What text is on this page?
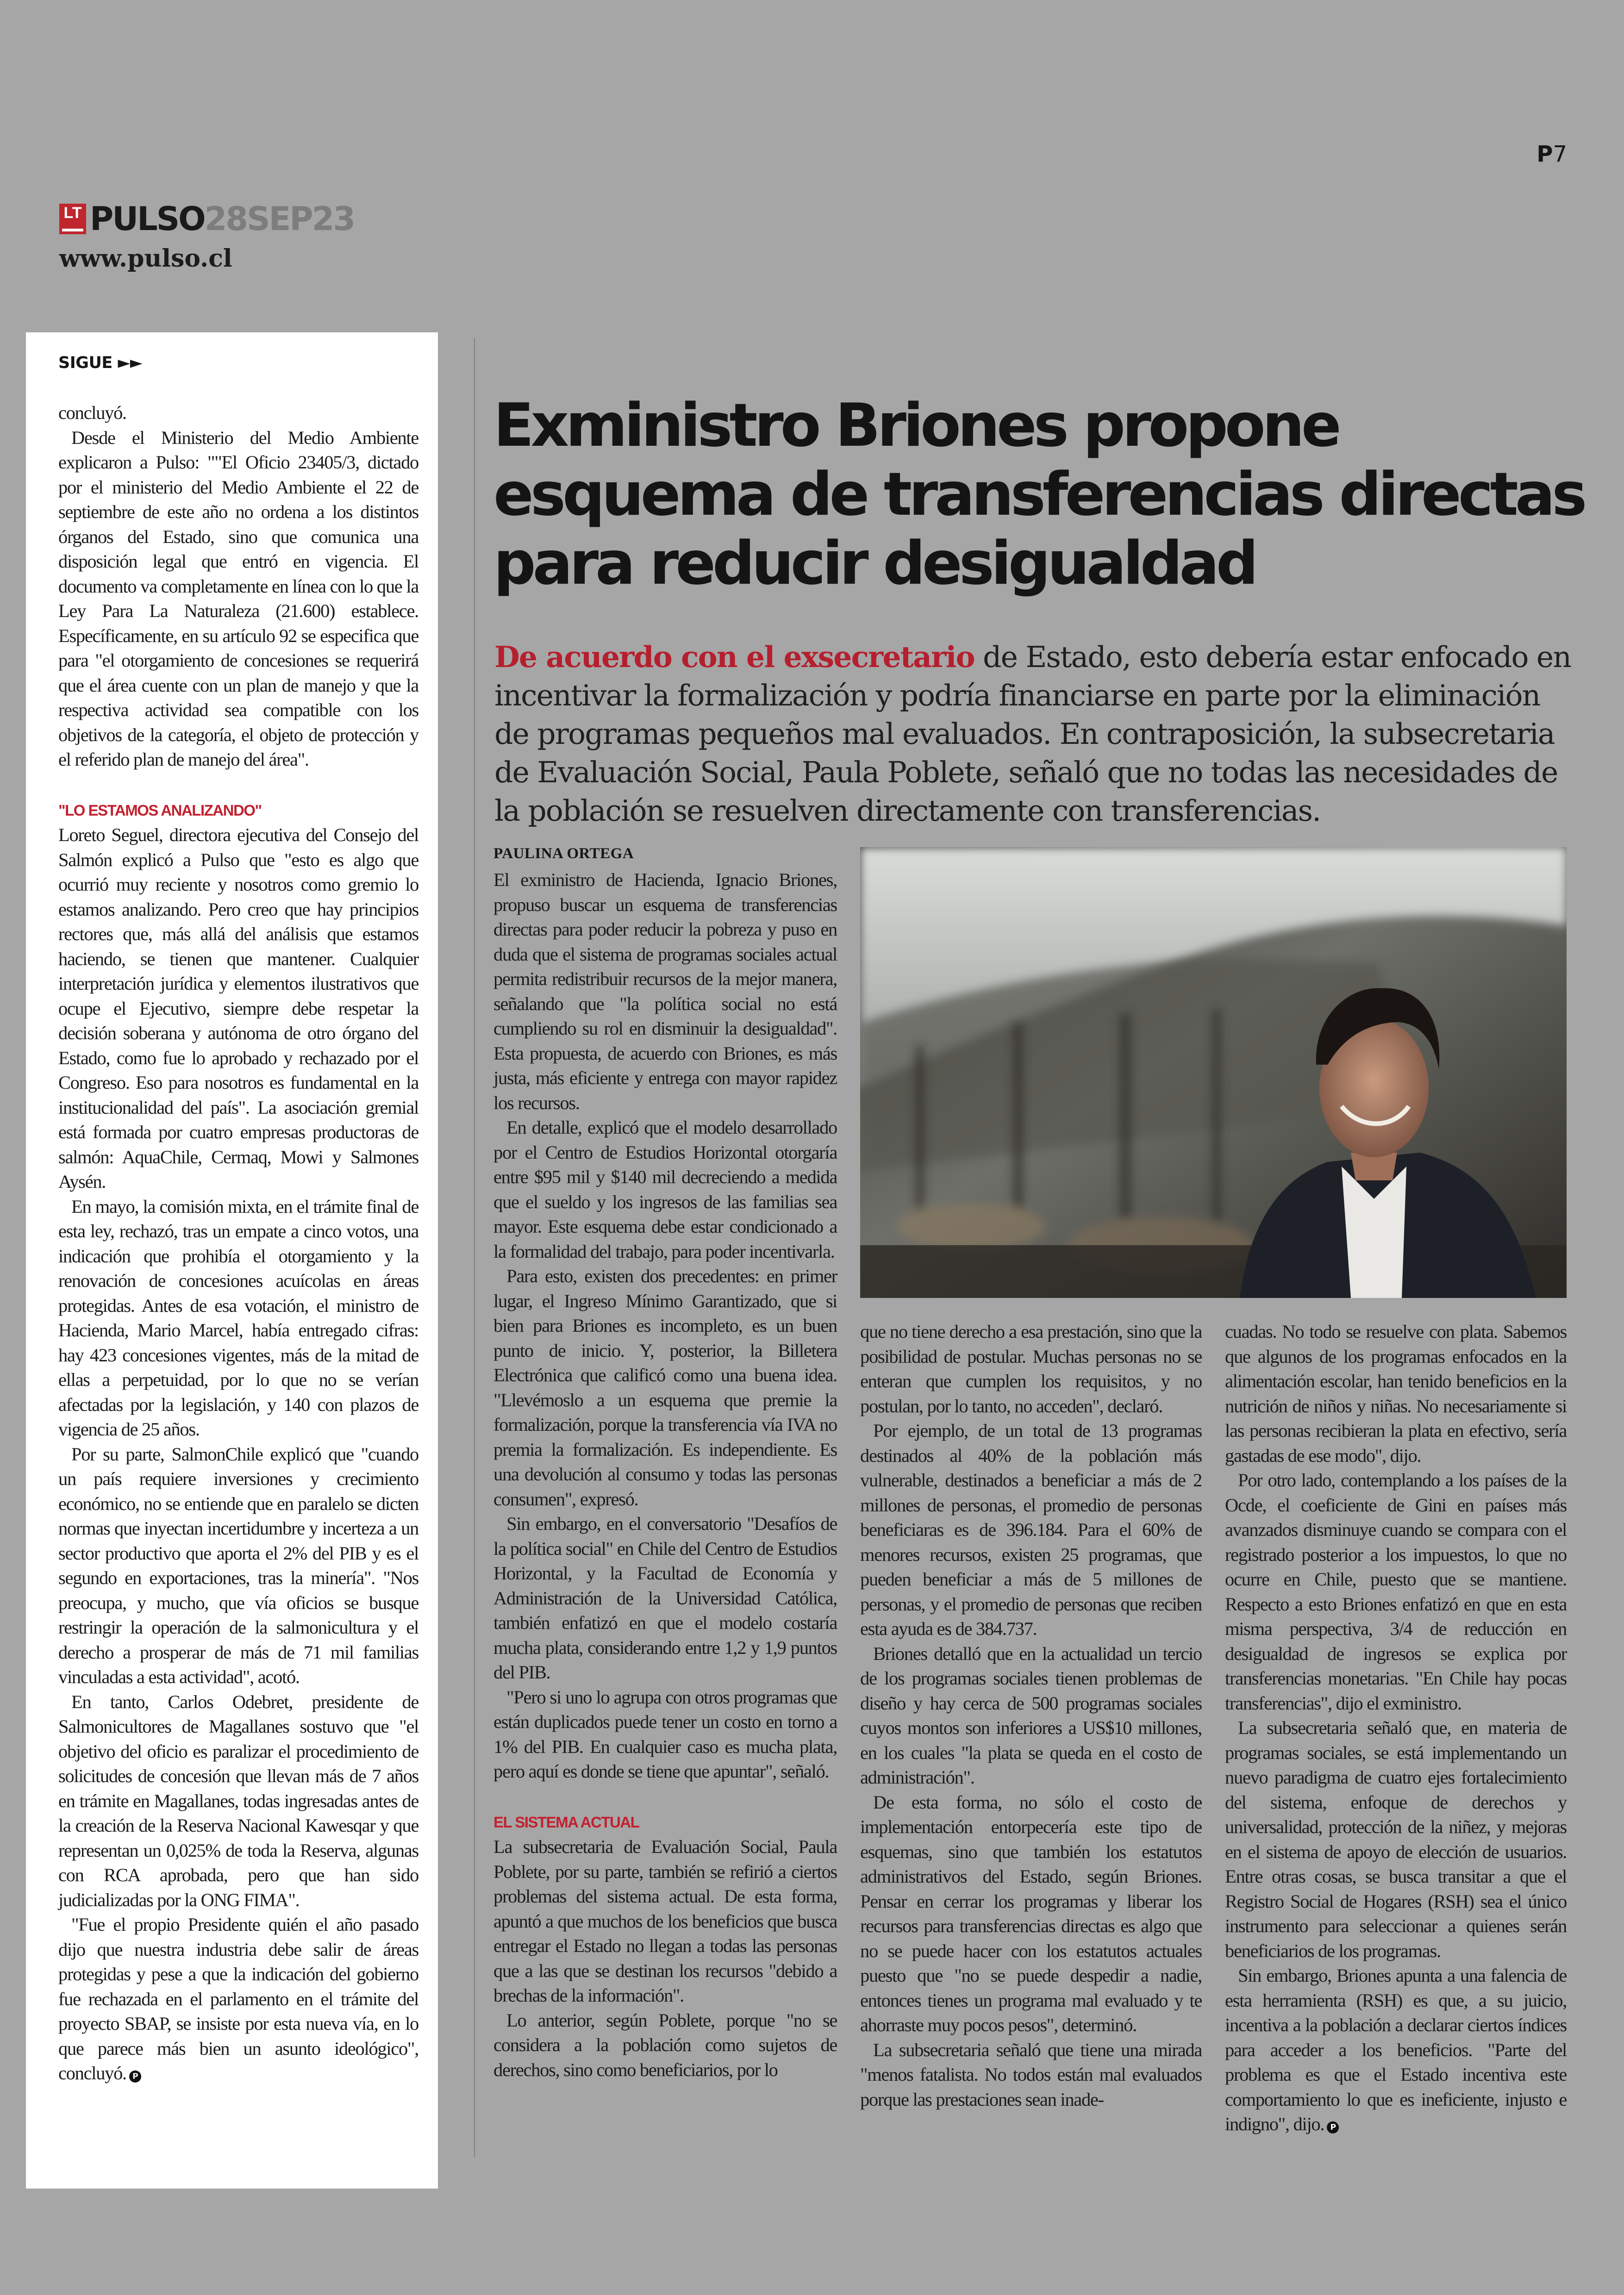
P7
LT PULSO 28SEP23
www.pulso.cl
SIGUE ►►

concluyó.

Desde el Ministerio del Medio Ambiente explicaron a Pulso: ""El Oficio 23405/3, dictado por el ministerio del Medio Ambiente el 22 de septiembre de este año no ordena a los distintos órganos del Estado, sino que comunica una disposición legal que entró en vigencia. El documento va completamente en línea con lo que la Ley Para La Naturaleza (21.600) establece. Específicamente, en su artículo 92 se especifica que para "el otorgamiento de concesiones se requerirá que el área cuente con un plan de manejo y que la respectiva actividad sea compatible con los objetivos de la categoría, el objeto de protección y el referido plan de manejo del área".

"LO ESTAMOS ANALIZANDO"

Loreto Seguel, directora ejecutiva del Consejo del Salmón explicó a Pulso que "esto es algo que ocurrió muy reciente y nosotros como gremio lo estamos analizando. Pero creo que hay principios rectores que, más allá del análisis que estamos haciendo, se tienen que mantener. Cualquier interpretación jurídica y elementos ilustrativos que ocupe el Ejecutivo, siempre debe respetar la decisión soberana y autónoma de otro órgano del Estado, como fue lo aprobado y rechazado por el Congreso. Eso para nosotros es fundamental en la institucionalidad del país". La asociación gremial está formada por cuatro empresas productoras de salmón: AquaChile, Cermaq, Mowi y Salmones Aysén.

En mayo, la comisión mixta, en el trámite final de esta ley, rechazó, tras un empate a cinco votos, una indicación que prohibía el otorgamiento y la renovación de concesiones acuícolas en áreas protegidas. Antes de esa votación, el ministro de Hacienda, Mario Marcel, había entregado cifras: hay 423 concesiones vigentes, más de la mitad de ellas a perpetuidad, por lo que no se verían afectadas por la legislación, y 140 con plazos de vigencia de 25 años.

Por su parte, SalmonChile explicó que "cuando un país requiere inversiones y crecimiento económico, no se entiende que en paralelo se dicten normas que inyectan incertidumbre y incerteza a un sector productivo que aporta el 2% del PIB y es el segundo en exportaciones, tras la minería". "Nos preocupa, y mucho, que vía oficios se busque restringir la operación de la salmonicultura y el derecho a prosperar de más de 71 mil familias vinculadas a esta actividad", acotó.

En tanto, Carlos Odebret, presidente de Salmonicultores de Magallanes sostuvo que "el objetivo del oficio es paralizar el procedimiento de solicitudes de concesión que llevan más de 7 años en trámite en Magallanes, todas ingresadas antes de la creación de la Reserva Nacional Kawesqar y que representan un 0,025% de toda la Reserva, algunas con RCA aprobada, pero que han sido judicializadas por la ONG FIMA".

"Fue el propio Presidente quién el año pasado dijo que nuestra industria debe salir de áreas protegidas y pese a que la indicación del gobierno fue rechazada en el parlamento en el trámite del proyecto SBAP, se insiste por esta nueva vía, en lo que parece más bien un asunto ideológico", concluyó. P

Exministro Briones propone esquema de transferencias directas para reducir desigualdad

De acuerdo con el exsecretario de Estado, esto debería estar enfocado en incentivar la formalización y podría financiarse en parte por la eliminación de programas pequeños mal evaluados. En contraposición, la subsecretaria de Evaluación Social, Paula Poblete, señaló que no todas las necesidades de la población se resuelven directamente con transferencias.

PAULINA ORTEGA

El exministro de Hacienda, Ignacio Briones, propuso buscar un esquema de transferencias directas para poder reducir la pobreza y puso en duda que el sistema de programas sociales actual permita redistribuir recursos de la mejor manera, señalando que "la política social no está cumpliendo su rol en disminuir la desigualdad". Esta propuesta, de acuerdo con Briones, es más justa, más eficiente y entrega con mayor rapidez los recursos.

En detalle, explicó que el modelo desarrollado por el Centro de Estudios Horizontal otorgaría entre $95 mil y $140 mil decreciendo a medida que el sueldo y los ingresos de las familias sea mayor. Este esquema debe estar condicionado a la formalidad del trabajo, para poder incentivarla.

Para esto, existen dos precedentes: en primer lugar, el Ingreso Mínimo Garantizado, que si bien para Briones es incompleto, es un buen punto de inicio. Y, posterior, la Billetera Electrónica que calificó como una buena idea. "Llevémoslo a un esquema que premie la formalización, porque la transferencia vía IVA no premia la formalización. Es independiente. Es una devolución al consumo y todas las personas consumen", expresó.

Sin embargo, en el conversatorio "Desafíos de la política social" en Chile del Centro de Estudios Horizontal, y la Facultad de Economía y Administración de la Universidad Católica, también enfatizó en que el modelo costaría mucha plata, considerando entre 1,2 y 1,9 puntos del PIB.

"Pero si uno lo agrupa con otros programas que están duplicados puede tener un costo en torno a 1% del PIB. En cualquier caso es mucha plata, pero aquí es donde se tiene que apuntar", señaló.

EL SISTEMA ACTUAL

La subsecretaria de Evaluación Social, Paula Poblete, por su parte, también se refirió a ciertos problemas del sistema actual. De esta forma, apuntó a que muchos de los beneficios que busca entregar el Estado no llegan a todas las personas que a las que se destinan los recursos "debido a brechas de la información".

Lo anterior, según Poblete, porque "no se considera a la población como sujetos de derechos, sino como beneficiarios, por lo

que no tiene derecho a esa prestación, sino que la posibilidad de postular. Muchas personas no se enteran que cumplen los requisitos, y no postulan, por lo tanto, no acceden", declaró.

Por ejemplo, de un total de 13 programas destinados al 40% de la población más vulnerable, destinados a beneficiar a más de 2 millones de personas, el promedio de personas beneficiaras es de 396.184. Para el 60% de menores recursos, existen 25 programas, que pueden beneficiar a más de 5 millones de personas, y el promedio de personas que reciben esta ayuda es de 384.737.

Briones detalló que en la actualidad un tercio de los programas sociales tienen problemas de diseño y hay cerca de 500 programas sociales cuyos montos son inferiores a US$10 millones, en los cuales "la plata se queda en el costo de administración".

De esta forma, no sólo el costo de implementación entorpecería este tipo de esquemas, sino que también los estatutos administrativos del Estado, según Briones. Pensar en cerrar los programas y liberar los recursos para transferencias directas es algo que no se puede hacer con los estatutos actuales puesto que "no se puede despedir a nadie, entonces tienes un programa mal evaluado y te ahorraste muy pocos pesos", determinó.

La subsecretaria señaló que tiene una mirada "menos fatalista. No todos están mal evaluados porque las prestaciones sean inade-

cuadas. No todo se resuelve con plata. Sabemos que algunos de los programas enfocados en la alimentación escolar, han tenido beneficios en la nutrición de niños y niñas. No necesariamente si las personas recibieran la plata en efectivo, sería gastadas de ese modo", dijo.

Por otro lado, contemplando a los países de la Ocde, el coeficiente de Gini en países más avanzados disminuye cuando se compara con el registrado posterior a los impuestos, lo que no ocurre en Chile, puesto que se mantiene. Respecto a esto Briones enfatizó en que en esta misma perspectiva, 3/4 de reducción en desigualdad de ingresos se explica por transferencias monetarias. "En Chile hay pocas transferencias", dijo el exministro.

La subsecretaria señaló que, en materia de programas sociales, se está implementando un nuevo paradigma de cuatro ejes fortalecimiento del sistema, enfoque de derechos y universalidad, protección de la niñez, y mejoras en el sistema de apoyo de elección de usuarios. Entre otras cosas, se busca transitar a que el Registro Social de Hogares (RSH) sea el único instrumento para seleccionar a quienes serán beneficiarios de los programas.

Sin embargo, Briones apunta a una falencia de esta herramienta (RSH) es que, a su juicio, incentiva a la población a declarar ciertos índices para acceder a los beneficios. "Parte del problema es que el Estado incentiva este comportamiento lo que es ineficiente, injusto e indigno", dijo. P
